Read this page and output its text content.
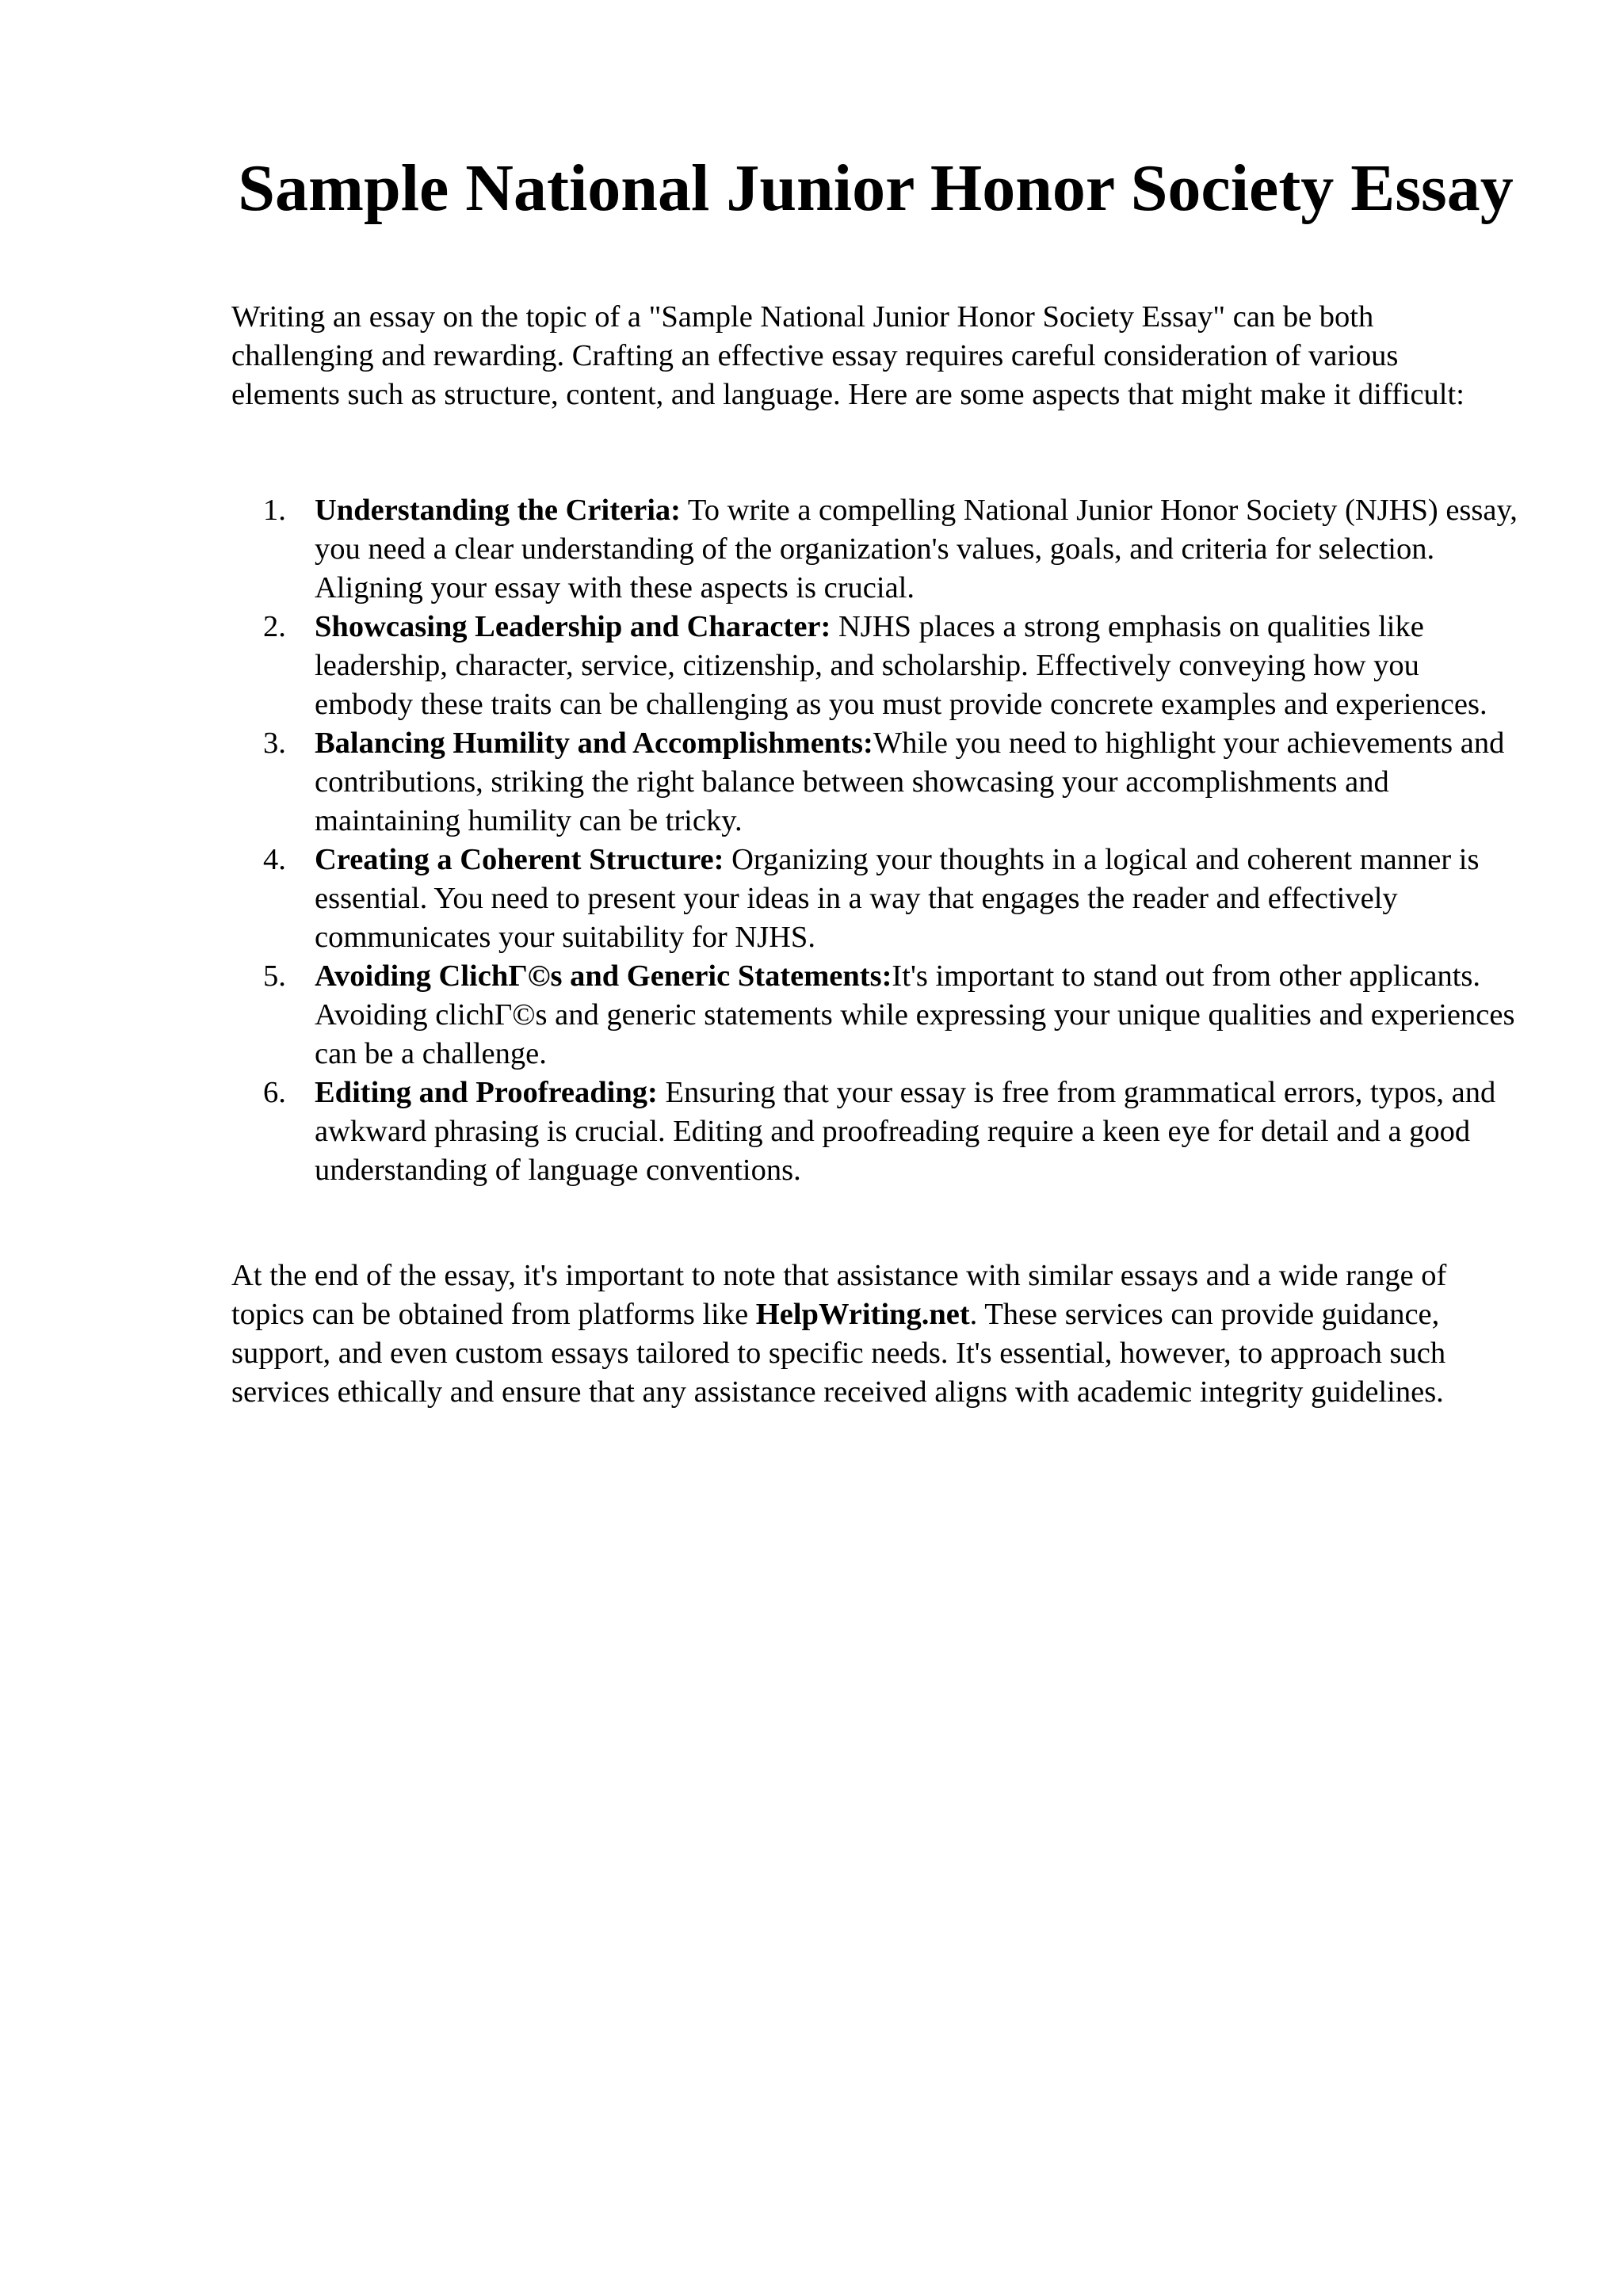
Sample National Junior Honor Society Essay

Writing an essay on the topic of a "Sample National Junior Honor Society Essay" can be both challenging and rewarding. Crafting an effective essay requires careful consideration of various elements such as structure, content, and language. Here are some aspects that might make it difficult:

1. Understanding the Criteria: To write a compelling National Junior Honor Society (NJHS) essay, you need a clear understanding of the organization's values, goals, and criteria for selection. Aligning your essay with these aspects is crucial.
2. Showcasing Leadership and Character: NJHS places a strong emphasis on qualities like leadership, character, service, citizenship, and scholarship. Effectively conveying how you embody these traits can be challenging as you must provide concrete examples and experiences.
3. Balancing Humility and Accomplishments:While you need to highlight your achievements and contributions, striking the right balance between showcasing your accomplishments and maintaining humility can be tricky.
4. Creating a Coherent Structure: Organizing your thoughts in a logical and coherent manner is essential. You need to present your ideas in a way that engages the reader and effectively communicates your suitability for NJHS.
5. Avoiding ClichΓ©s and Generic Statements:It's important to stand out from other applicants. Avoiding clichΓ©s and generic statements while expressing your unique qualities and experiences can be a challenge.
6. Editing and Proofreading: Ensuring that your essay is free from grammatical errors, typos, and awkward phrasing is crucial. Editing and proofreading require a keen eye for detail and a good understanding of language conventions.

At the end of the essay, it's important to note that assistance with similar essays and a wide range of topics can be obtained from platforms like HelpWriting.net. These services can provide guidance, support, and even custom essays tailored to specific needs. It's essential, however, to approach such services ethically and ensure that any assistance received aligns with academic integrity guidelines.
